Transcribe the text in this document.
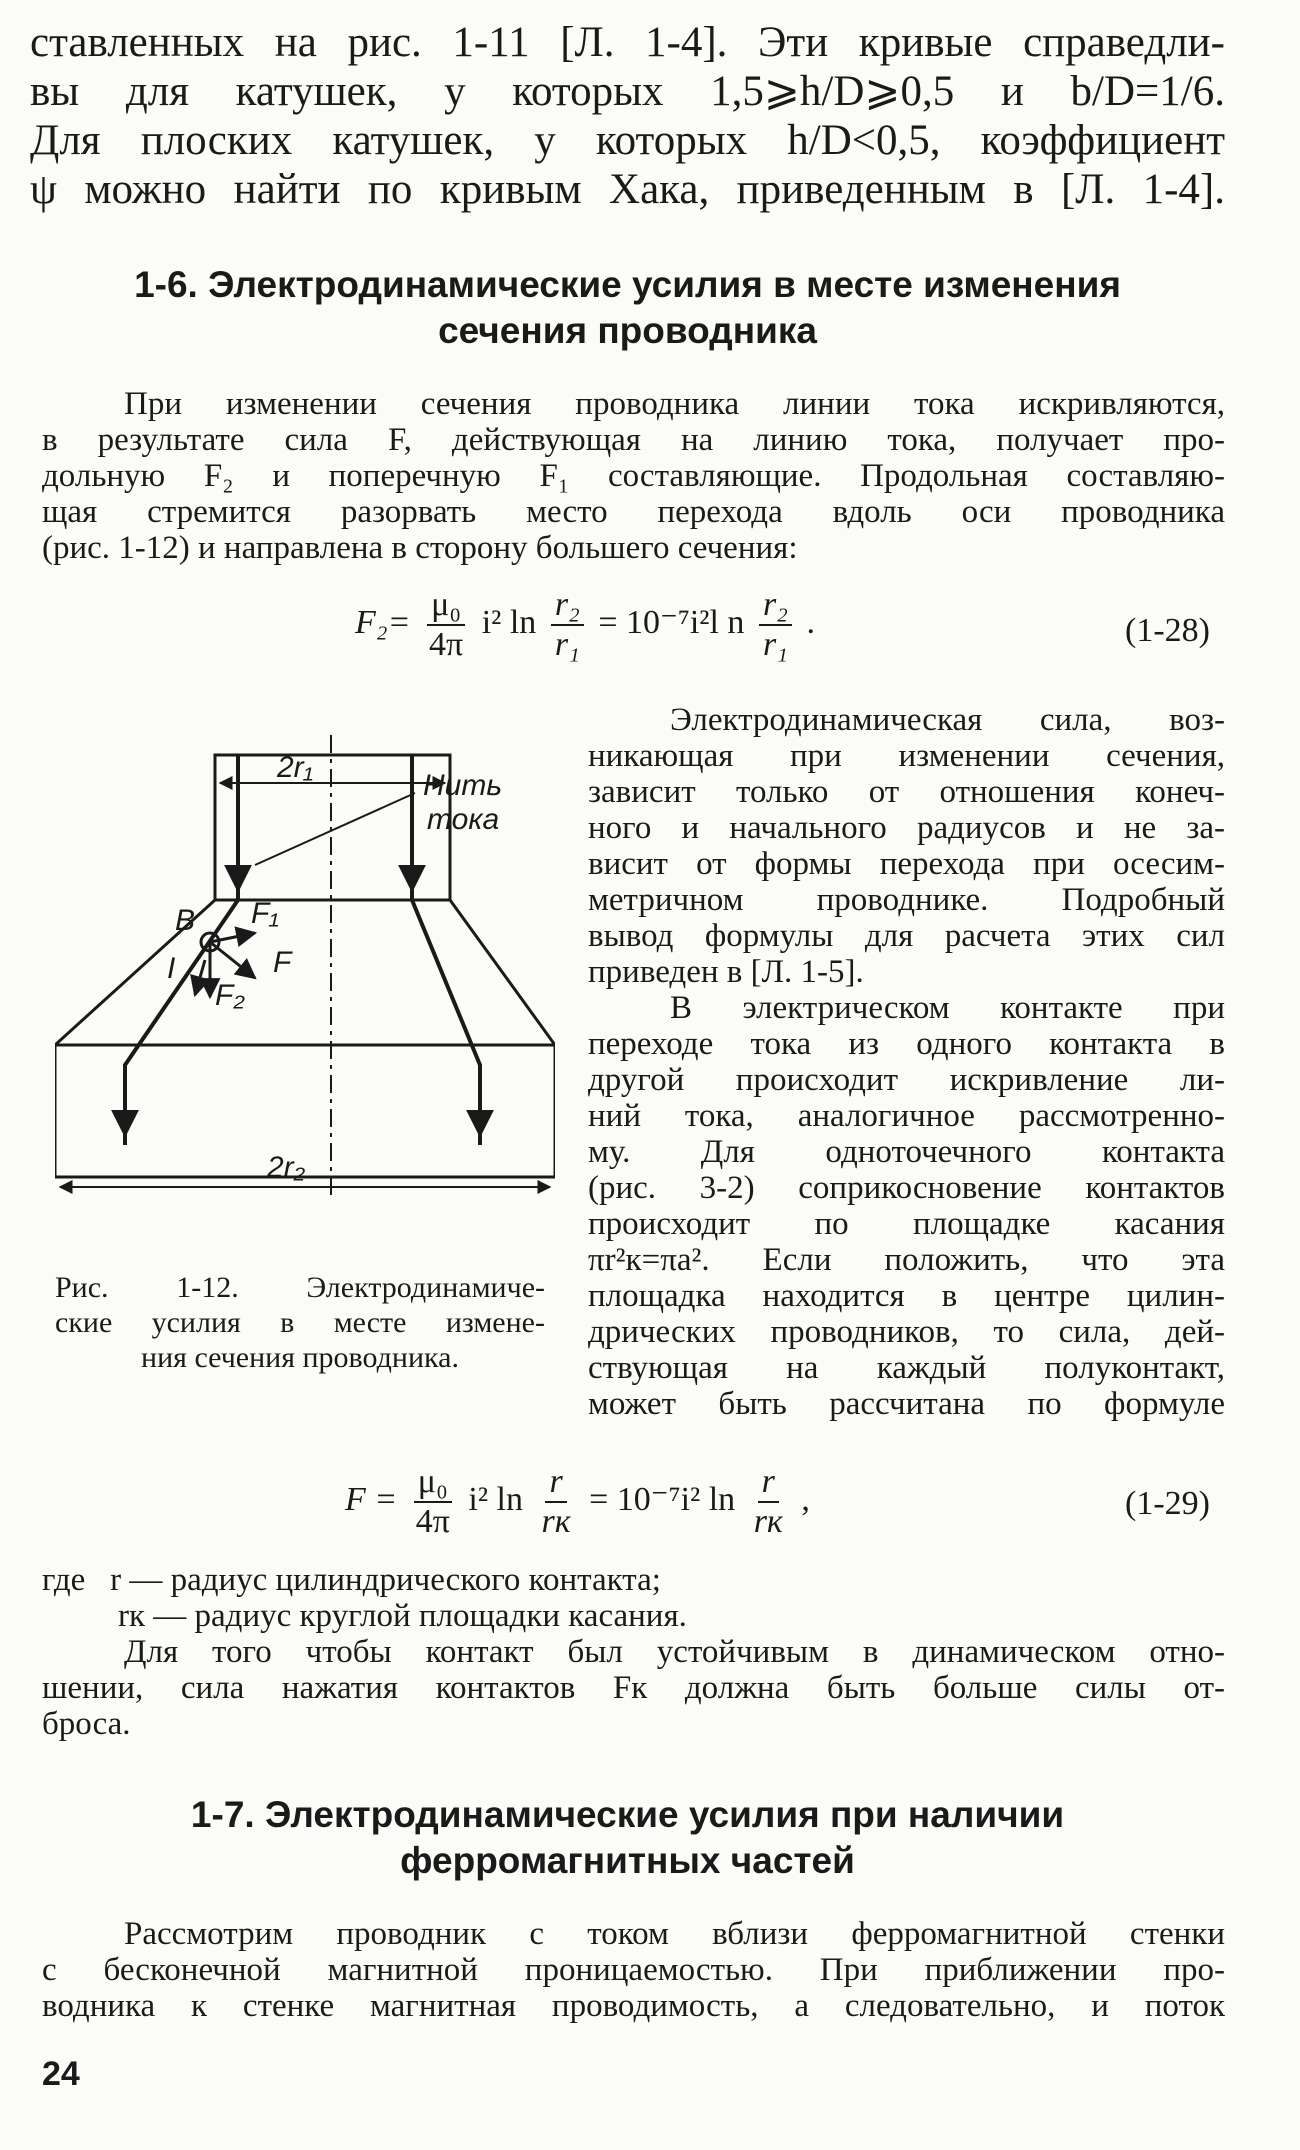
ставленных на рис. 1-11 [Л. 1-4]. Эти кривые справедли-
вы для катушек, у которых 1,5⩾h/D⩾0,5 и b/D=1/6.
Для плоских катушек, у которых h/D<0,5, коэффициент
ψ можно найти по кривым Хака, приведенным в [Л. 1-4].
1-6. Электродинамические усилия в месте изменения
сечения проводника
При изменении сечения проводника линии тока искривляются,
в результате сила F, действующая на линию тока, получает про-
дольную F₂ и поперечную F₁ составляющие. Продольная составляю-
щая стремится разорвать место перехода вдоль оси проводника
(рис. 1-12) и направлена в сторону большего сечения:
$F_2= \frac{\text{μ₀}}{4\pi} i^2$ $\ln \frac{\text{r₂}}{\text{r₁}} = 10^{-7}i^2l$ n $\frac{\text{r₂}}{\text{r₁}}$ .	(1-28)
2r₁
2r₂
Нить
тока
B F₁
F
F₂
I
Рис. 1-12. Электродинамиче-
ские усилия в месте измене-
ния сечения проводника.
Электродинамическая сила, воз-
никающая при изменении сечения,
зависит только от отношения конеч-
ного и начального радиусов и не за-
висит от формы перехода при осесим-
метричном проводнике. Подробный
вывод формулы для расчета этих сил
приведен в [Л. 1-5].
В электрическом контакте при
переходе тока из одного контакта в
другой происходит искривление ли-
ний тока, аналогичное рассмотренно-
му. Для одноточечного контакта
(рис. 3-2) соприкосновение контактов
происходит по площадке касания
πr²к=πa². Если положить, что эта
площадка находится в центре цилин-
дрических проводников, то сила, дей-
ствующая на каждый полуконтакт,
может быть рассчитана по формуле
$F = \frac{\text{μ₀}}{4\pi} i^2$ $\ln \frac{r}{rк} = 10^{-7}i^2$ $\ln \frac{r}{rк}$ ,	(1-29)
где   r — радиус цилиндрического контакта;
rк — радиус круглой площадки касания.
Для того чтобы контакт был устойчивым в динамическом отно-
шении, сила нажатия контактов Fк должна быть больше силы от-
броса.
1-7. Электродинамические усилия при наличии
ферромагнитных частей
Рассмотрим проводник с током вблизи ферромагнитной стенки
с бесконечной магнитной проницаемостью. При приближении про-
водника к стенке магнитная проводимость, а следовательно, и поток
24
